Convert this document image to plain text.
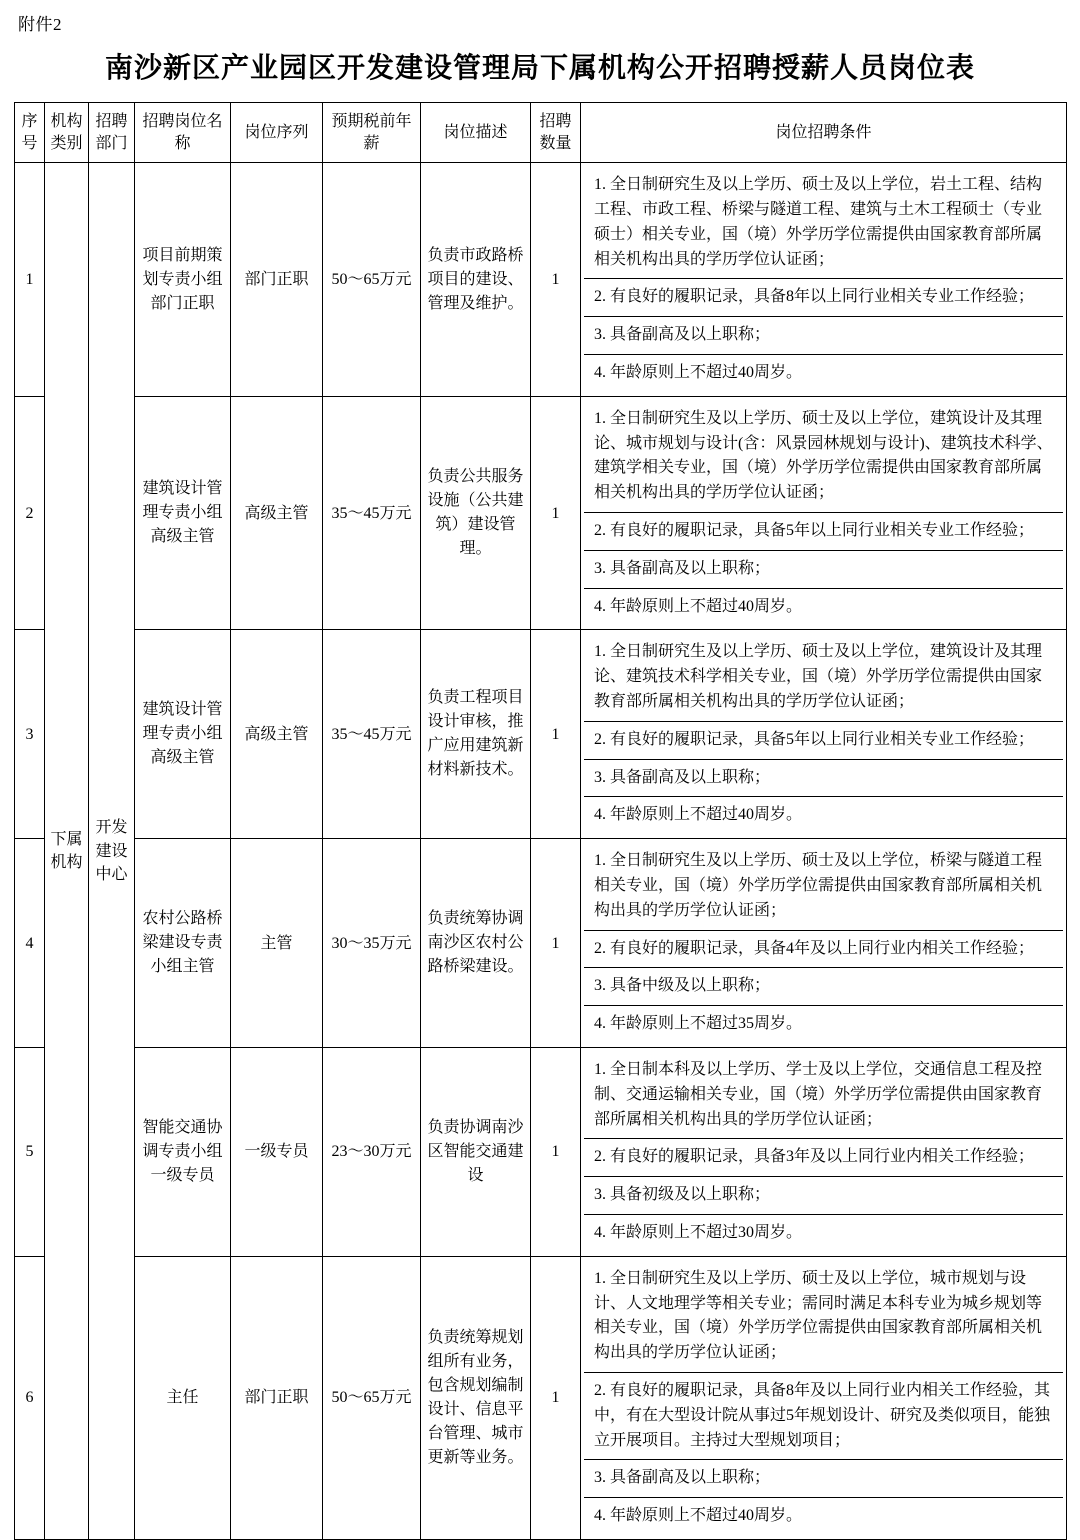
附件2
南沙新区产业园区开发建设管理局下属机构公开招聘授薪人员岗位表
序号	机构类别	招聘部门	招聘岗位名称	岗位序列	预期税前年薪	岗位描述	招聘数量	岗位招聘条件
1	下属机构	开发建设中心	项目前期策划专责小组部门正职	部门正职	50～65万元	负责市政路桥项目的建设、管理及维护。	1	1. 全日制研究生及以上学历、硕士及以上学位，岩土工程、结构工程、市政工程、桥梁与隧道工程、建筑与土木工程硕士（专业硕士）相关专业，国（境）外学历学位需提供由国家教育部所属相关机构出具的学历学位认证函；
2. 有良好的履职记录，具备8年以上同行业相关专业工作经验；
3. 具备副高及以上职称；
4. 年龄原则上不超过40周岁。

2			建筑设计管理专责小组高级主管	高级主管	35～45万元	负责公共服务设施（公共建筑）建设管理。	1	1. 全日制研究生及以上学历、硕士及以上学位，建筑设计及其理论、城市规划与设计(含：风景园林规划与设计)、建筑技术科学、建筑学相关专业，国（境）外学历学位需提供由国家教育部所属相关机构出具的学历学位认证函；
2. 有良好的履职记录，具备5年以上同行业相关专业工作经验；
3. 具备副高及以上职称；
4. 年龄原则上不超过40周岁。

3			建筑设计管理专责小组高级主管	高级主管	35～45万元	负责工程项目设计审核，推广应用建筑新材料新技术。	1	1. 全日制研究生及以上学历、硕士及以上学位，建筑设计及其理论、建筑技术科学相关专业，国（境）外学历学位需提供由国家教育部所属相关机构出具的学历学位认证函；
2. 有良好的履职记录，具备5年以上同行业相关专业工作经验；
3. 具备副高及以上职称；
4. 年龄原则上不超过40周岁。

4			农村公路桥梁建设专责小组主管	主管	30～35万元	负责统筹协调南沙区农村公路桥梁建设。	1	1. 全日制研究生及以上学历、硕士及以上学位，桥梁与隧道工程相关专业，国（境）外学历学位需提供由国家教育部所属相关机构出具的学历学位认证函；
2. 有良好的履职记录，具备4年及以上同行业内相关工作经验；
3. 具备中级及以上职称；
4. 年龄原则上不超过35周岁。

5			智能交通协调专责小组一级专员	一级专员	23～30万元	负责协调南沙区智能交通建设	1	1. 全日制本科及以上学历、学士及以上学位，交通信息工程及控制、交通运输相关专业，国（境）外学历学位需提供由国家教育部所属相关机构出具的学历学位认证函；
2. 有良好的履职记录，具备3年及以上同行业内相关工作经验；
3. 具备初级及以上职称；
4. 年龄原则上不超过30周岁。

6			主任	部门正职	50～65万元	负责统筹规划组所有业务，包含规划编制设计、信息平台管理、城市更新等业务。	1	1. 全日制研究生及以上学历、硕士及以上学位，城市规划与设计、人文地理学等相关专业；需同时满足本科专业为城乡规划等相关专业，国（境）外学历学位需提供由国家教育部所属相关机构出具的学历学位认证函；
2. 有良好的履职记录，具备8年及以上同行业内相关工作经验，其中，有在大型设计院从事过5年规划设计、研究及类似项目，能独立开展项目。主持过大型规划项目；
3. 具备副高及以上职称；
4. 年龄原则上不超过40周岁。
